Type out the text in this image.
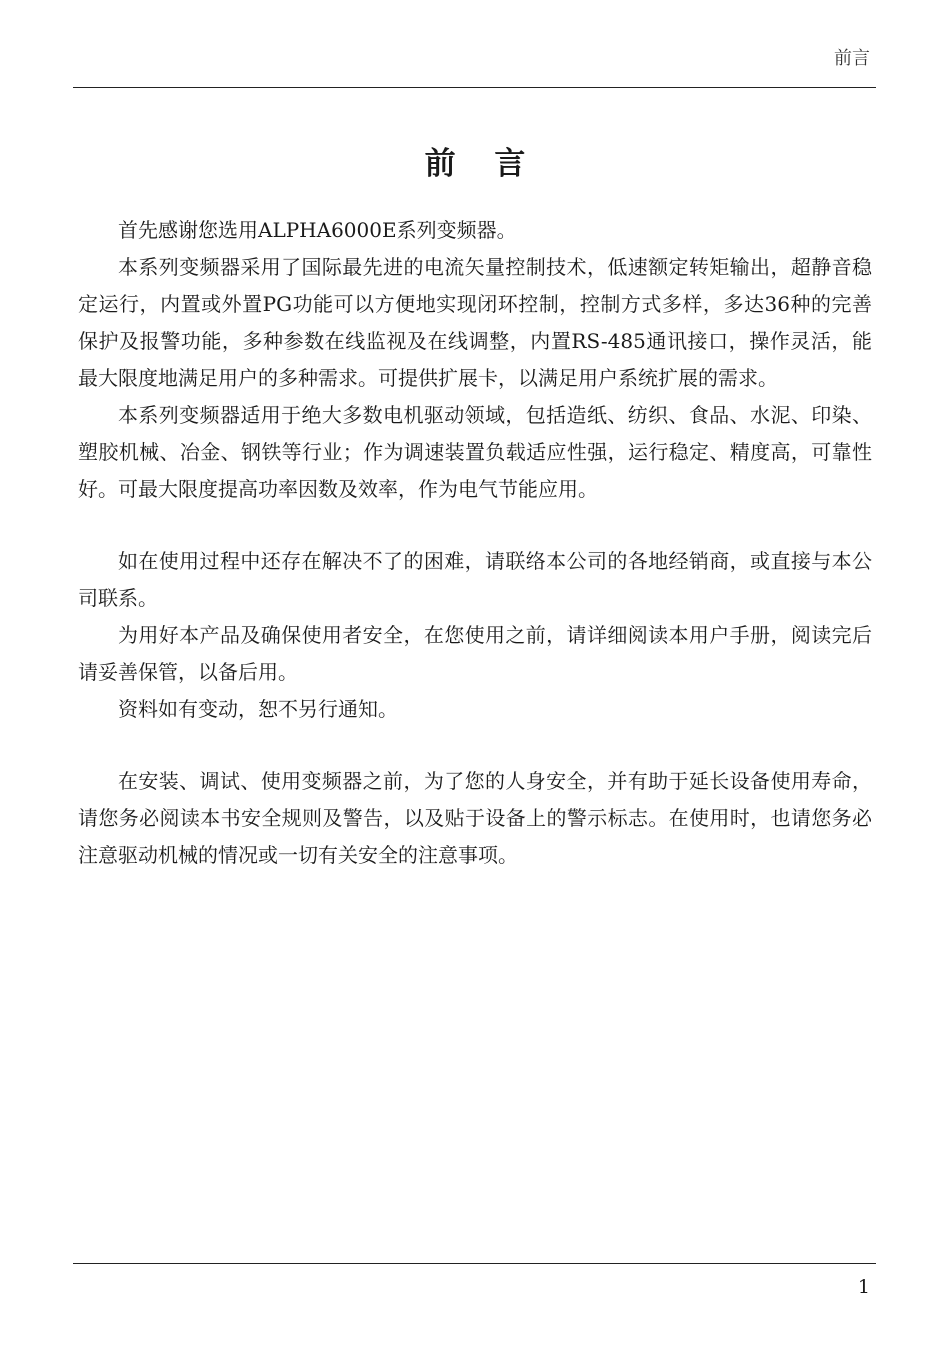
前言
前 言

首先感谢您选用ALPHA6000E系列变频器。

本系列变频器采用了国际最先进的电流矢量控制技术，低速额定转矩输出，超静音稳定运行，内置或外置PG功能可以方便地实现闭环控制，控制方式多样，多达36种的完善保护及报警功能，多种参数在线监视及在线调整，内置RS-485通讯接口，操作灵活，能最大限度地满足用户的多种需求。可提供扩展卡，以满足用户系统扩展的需求。

本系列变频器适用于绝大多数电机驱动领域，包括造纸、纺织、食品、水泥、印染、塑胶机械、冶金、钢铁等行业；作为调速装置负载适应性强，运行稳定、精度高，可靠性好。可最大限度提高功率因数及效率，作为电气节能应用。

如在使用过程中还存在解决不了的困难，请联络本公司的各地经销商，或直接与本公司联系。

为用好本产品及确保使用者安全，在您使用之前，请详细阅读本用户手册，阅读完后请妥善保管，以备后用。

资料如有变动，恕不另行通知。

在安装、调试、使用变频器之前，为了您的人身安全，并有助于延长设备使用寿命，请您务必阅读本书安全规则及警告，以及贴于设备上的警示标志。在使用时，也请您务必注意驱动机械的情况或一切有关安全的注意事项。

1
